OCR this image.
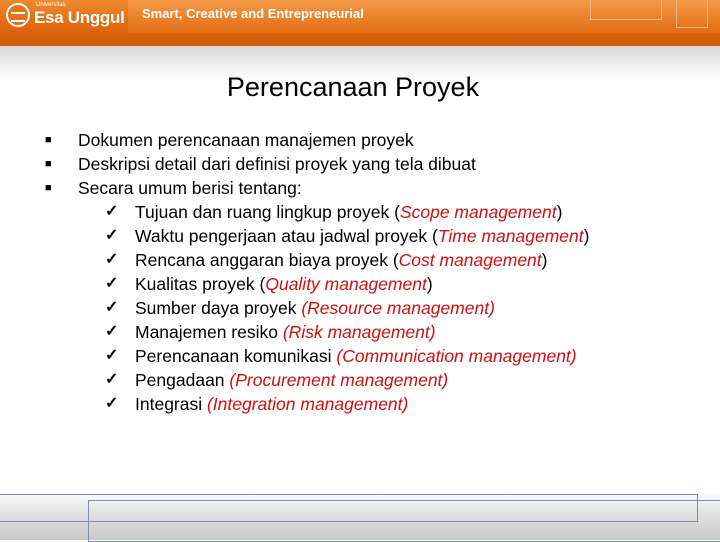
Universitas
Esa Unggul Smart, Creative and Entrepreneurial
Perencanaan Proyek
■	Dokumen perencanaan manajemen proyek
■	Deskripsi detail dari definisi proyek yang tela dibuat
■	Secara umum berisi tentang:
✓ Tujuan dan ruang lingkup proyek (Scope management)
✓ Waktu pengerjaan atau jadwal proyek (Time management)
✓ Rencana anggaran biaya proyek (Cost management)
✓ Kualitas proyek (Quality management)
✓ Sumber daya proyek (Resource management)
✓ Manajemen resiko (Risk management)
✓ Perencanaan komunikasi (Communication management)
✓ Pengadaan (Procurement management)
✓ Integrasi (Integration management)
